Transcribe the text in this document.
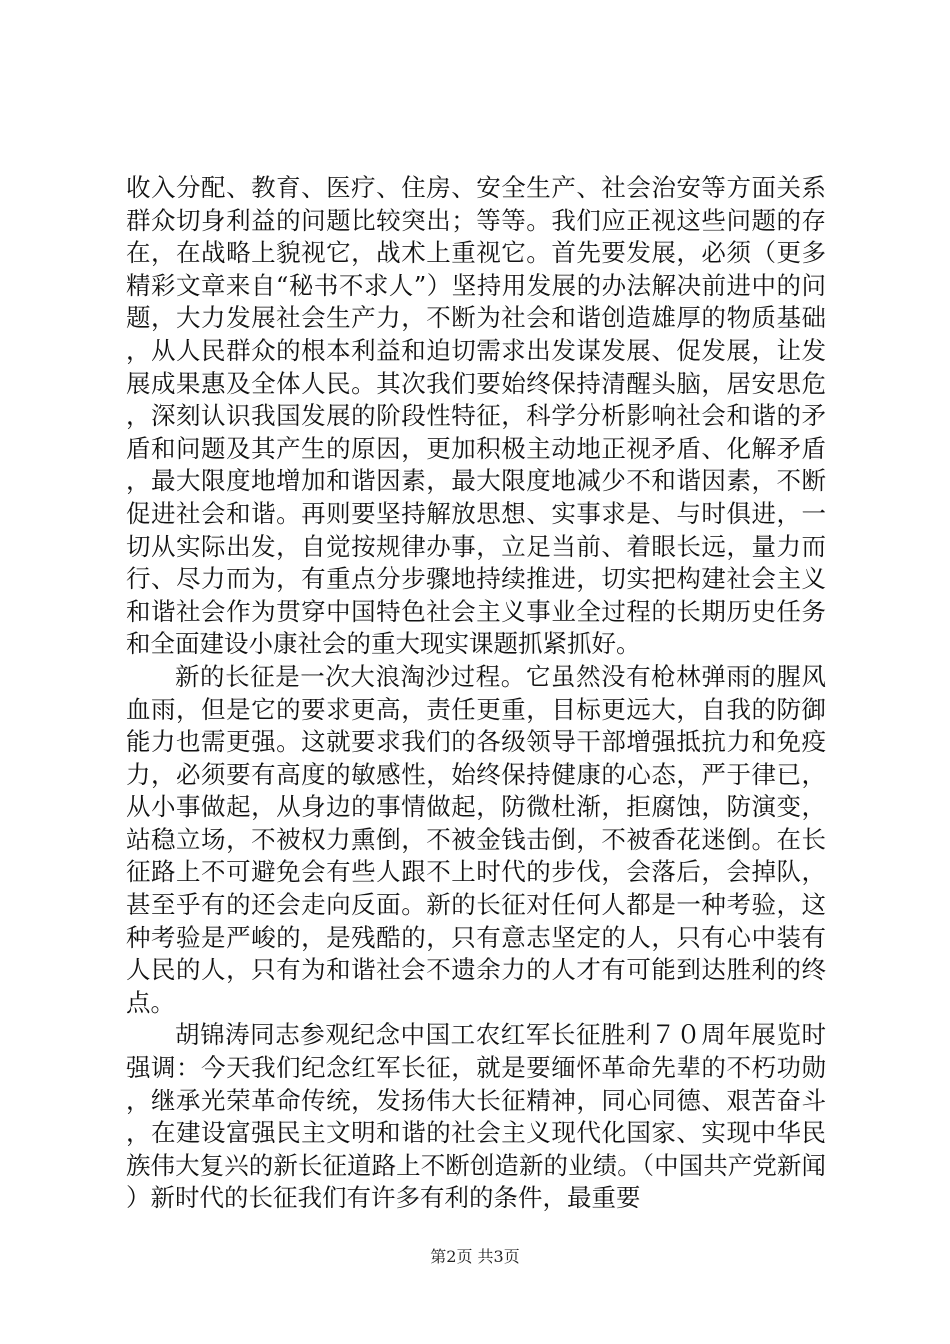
收入分配、教育、医疗、住房、安全生产、社会治安等方面关系群众切身利益的问题比较突出；等等。我们应正视这些问题的存在，在战略上貌视它，战术上重视它。首先要发展，必须（更多精彩文章来自“秘书不求人”）坚持用发展的办法解决前进中的问题，大力发展社会生产力，不断为社会和谐创造雄厚的物质基础，从人民群众的根本利益和迫切需求出发谋发展、促发展，让发展成果惠及全体人民。其次我们要始终保持清醒头脑，居安思危，深刻认识我国发展的阶段性特征，科学分析影响社会和谐的矛盾和问题及其产生的原因，更加积极主动地正视矛盾、化解矛盾，最大限度地增加和谐因素，最大限度地减少不和谐因素，不断促进社会和谐。再则要坚持解放思想、实事求是、与时俱进，一切从实际出发，自觉按规律办事，立足当前、着眼长远，量力而行、尽力而为，有重点分步骤地持续推进，切实把构建社会主义和谐社会作为贯穿中国特色社会主义事业全过程的长期历史任务和全面建设小康社会的重大现实课题抓紧抓好。

新的长征是一次大浪淘沙过程。它虽然没有枪林弹雨的腥风血雨，但是它的要求更高，责任更重，目标更远大，自我的防御能力也需更强。这就要求我们的各级领导干部增强抵抗力和免疫力，必须要有高度的敏感性，始终保持健康的心态，严于律已，从小事做起，从身边的事情做起，防微杜渐，拒腐蚀，防演变，站稳立场，不被权力熏倒，不被金钱击倒，不被香花迷倒。在长征路上不可避免会有些人跟不上时代的步伐，会落后，会掉队，甚至乎有的还会走向反面。新的长征对任何人都是一种考验，这种考验是严峻的，是残酷的，只有意志坚定的人，只有心中装有人民的人，只有为和谐社会不遗余力的人才有可能到达胜利的终点。

胡锦涛同志参观纪念中国工农红军长征胜利７０周年展览时强调：今天我们纪念红军长征，就是要缅怀革命先辈的不朽功勋，继承光荣革命传统，发扬伟大长征精神，同心同德、艰苦奋斗，在建设富强民主文明和谐的社会主义现代化国家、实现中华民族伟大复兴的新长征道路上不断创造新的业绩。（中国共产党新闻）新时代的长征我们有许多有利的条件，最重要

第2页 共3页
